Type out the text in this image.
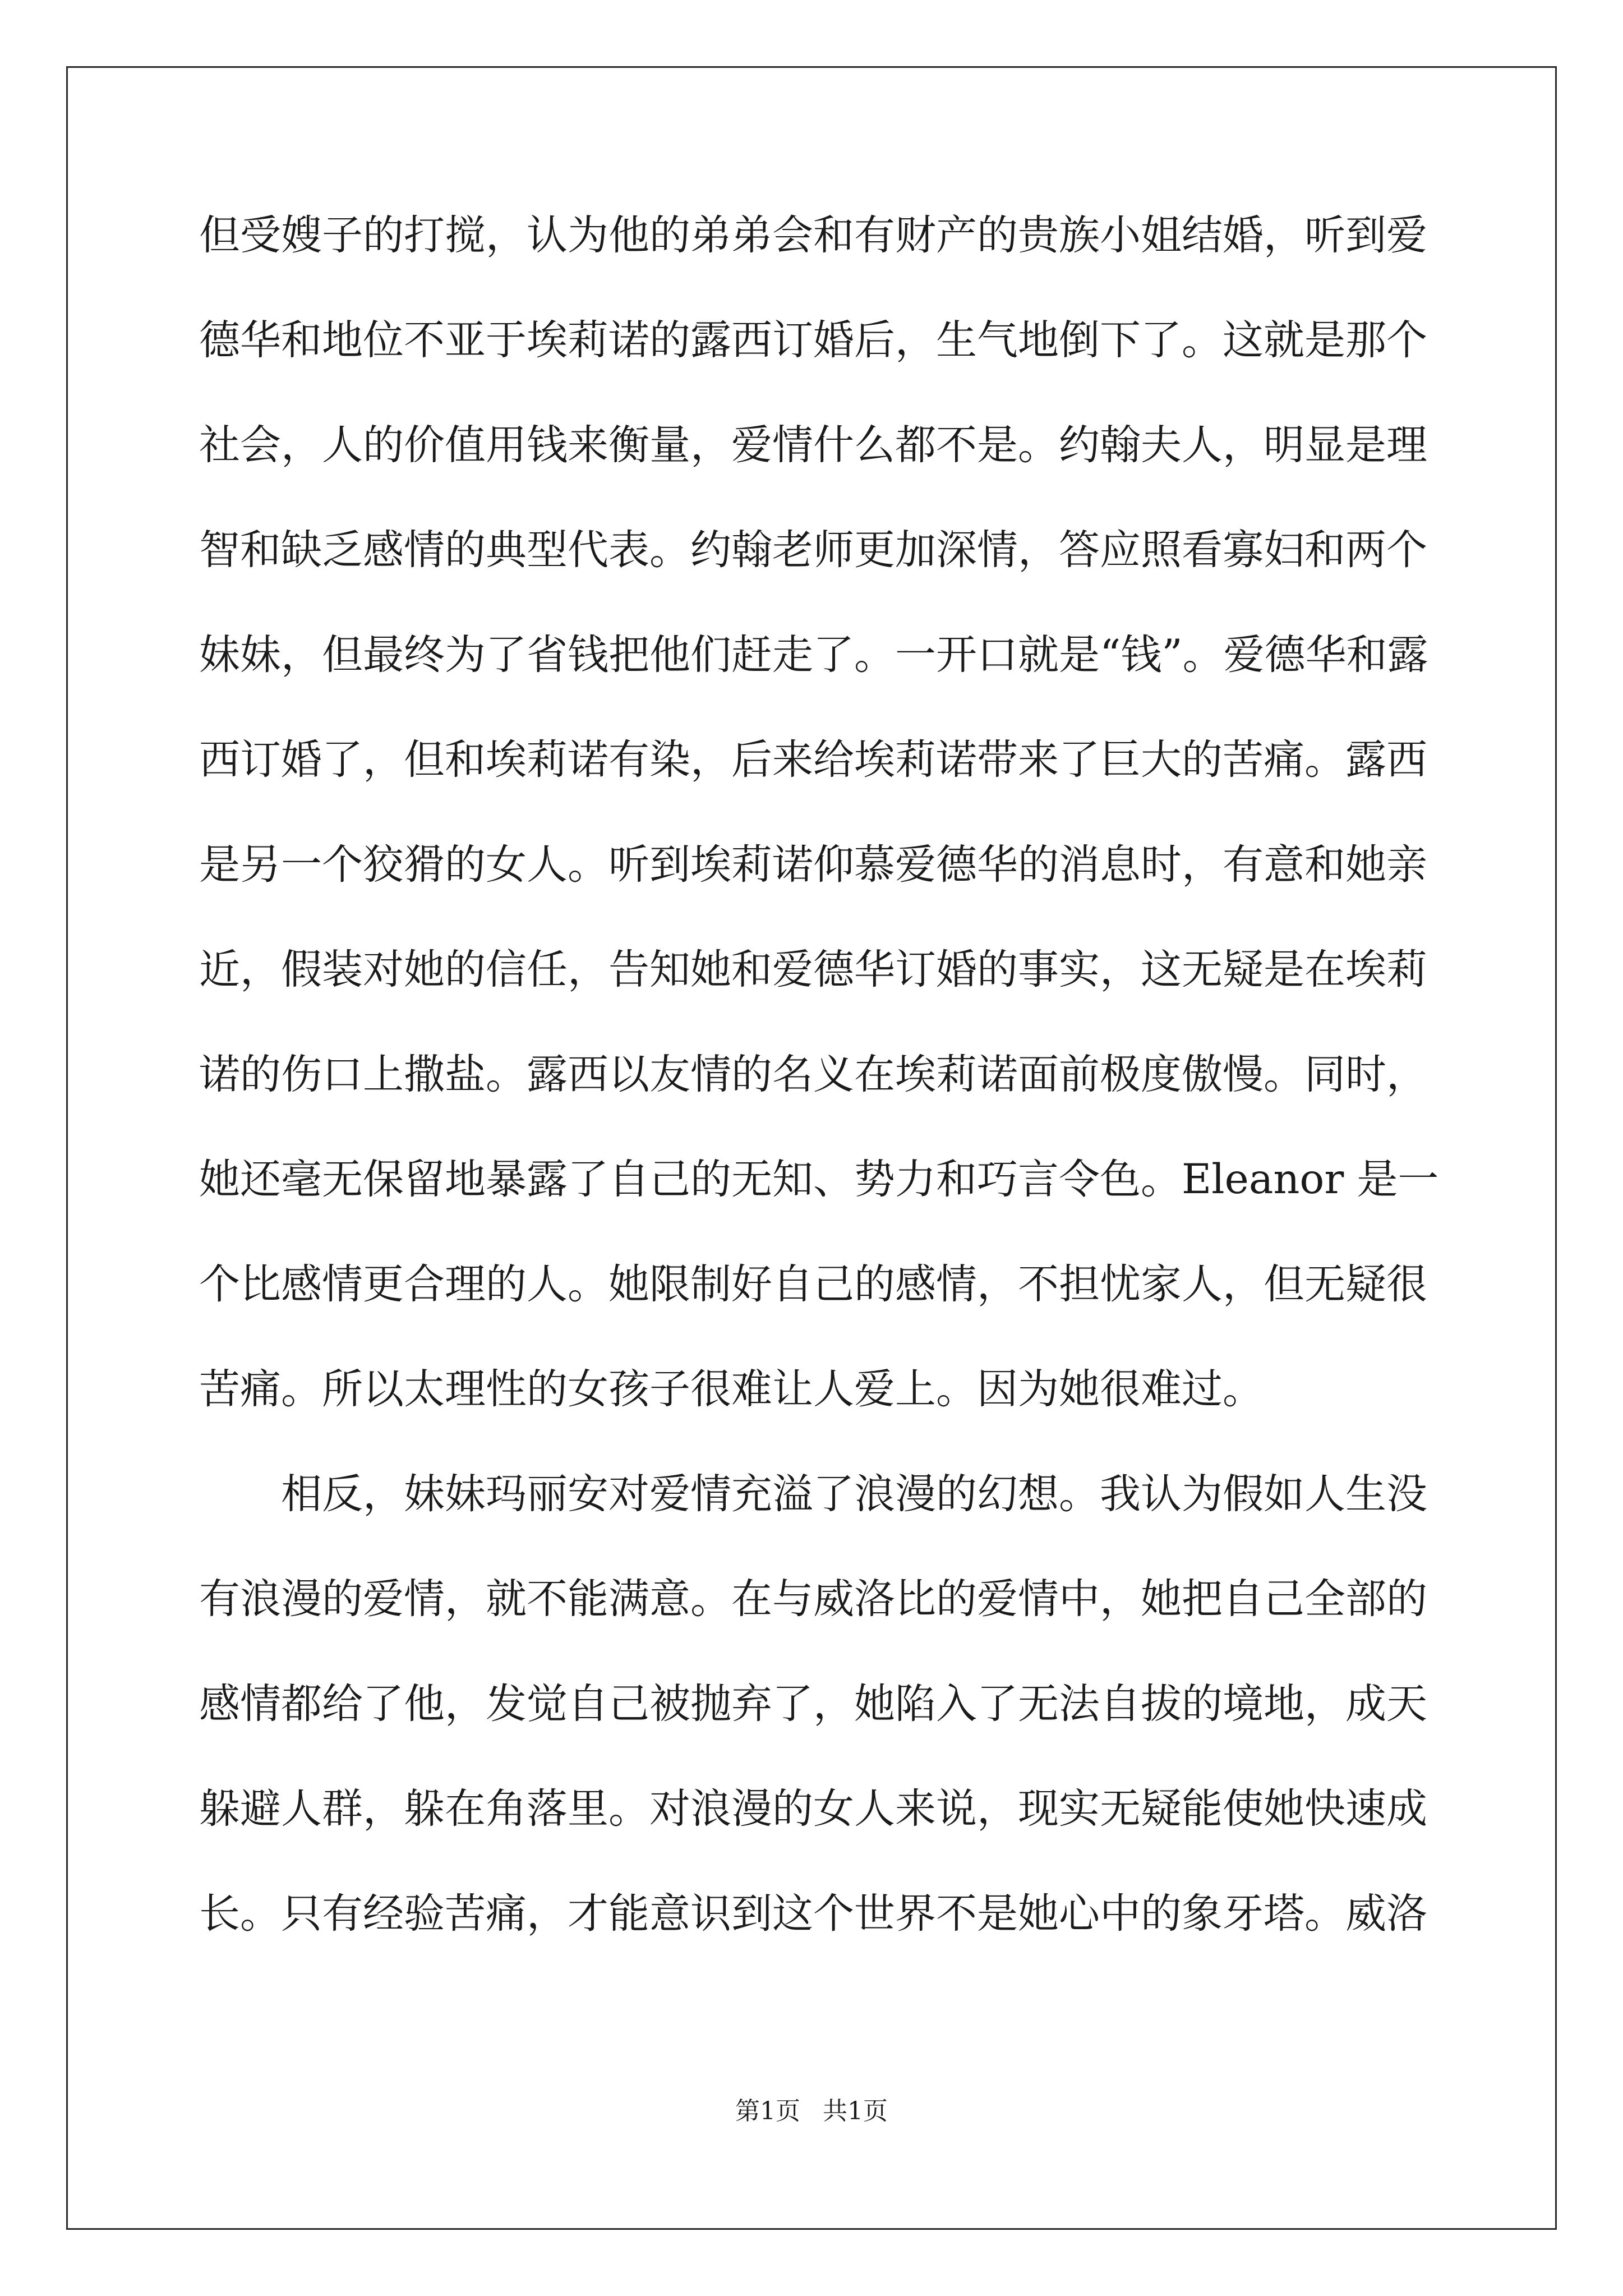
但受嫂子的打搅，认为他的弟弟会和有财产的贵族小姐结婚，听到爱
德华和地位不亚于埃莉诺的露西订婚后，生气地倒下了。这就是那个
社会，人的价值用钱来衡量，爱情什么都不是。约翰夫人，明显是理
智和缺乏感情的典型代表。约翰老师更加深情，答应照看寡妇和两个
妹妹，但最终为了省钱把他们赶走了。一开口就是“钱”。爱德华和露
西订婚了，但和埃莉诺有染，后来给埃莉诺带来了巨大的苦痛。露西
是另一个狡猾的女人。听到埃莉诺仰慕爱德华的消息时，有意和她亲
近，假装对她的信任，告知她和爱德华订婚的事实，这无疑是在埃莉
诺的伤口上撒盐。露西以友情的名义在埃莉诺面前极度傲慢。同时，
她还毫无保留地暴露了自己的无知、势力和巧言令色。Eleanor 是一
个比感情更合理的人。她限制好自己的感情，不担忧家人，但无疑很
苦痛。所以太理性的女孩子很难让人爱上。因为她很难过。
相反，妹妹玛丽安对爱情充溢了浪漫的幻想。我认为假如人生没
有浪漫的爱情，就不能满意。在与威洛比的爱情中，她把自己全部的
感情都给了他，发觉自己被抛弃了，她陷入了无法自拔的境地，成天
躲避人群，躲在角落里。对浪漫的女人来说，现实无疑能使她快速成
长。只有经验苦痛，才能意识到这个世界不是她心中的象牙塔。威洛
第1页 共1页
